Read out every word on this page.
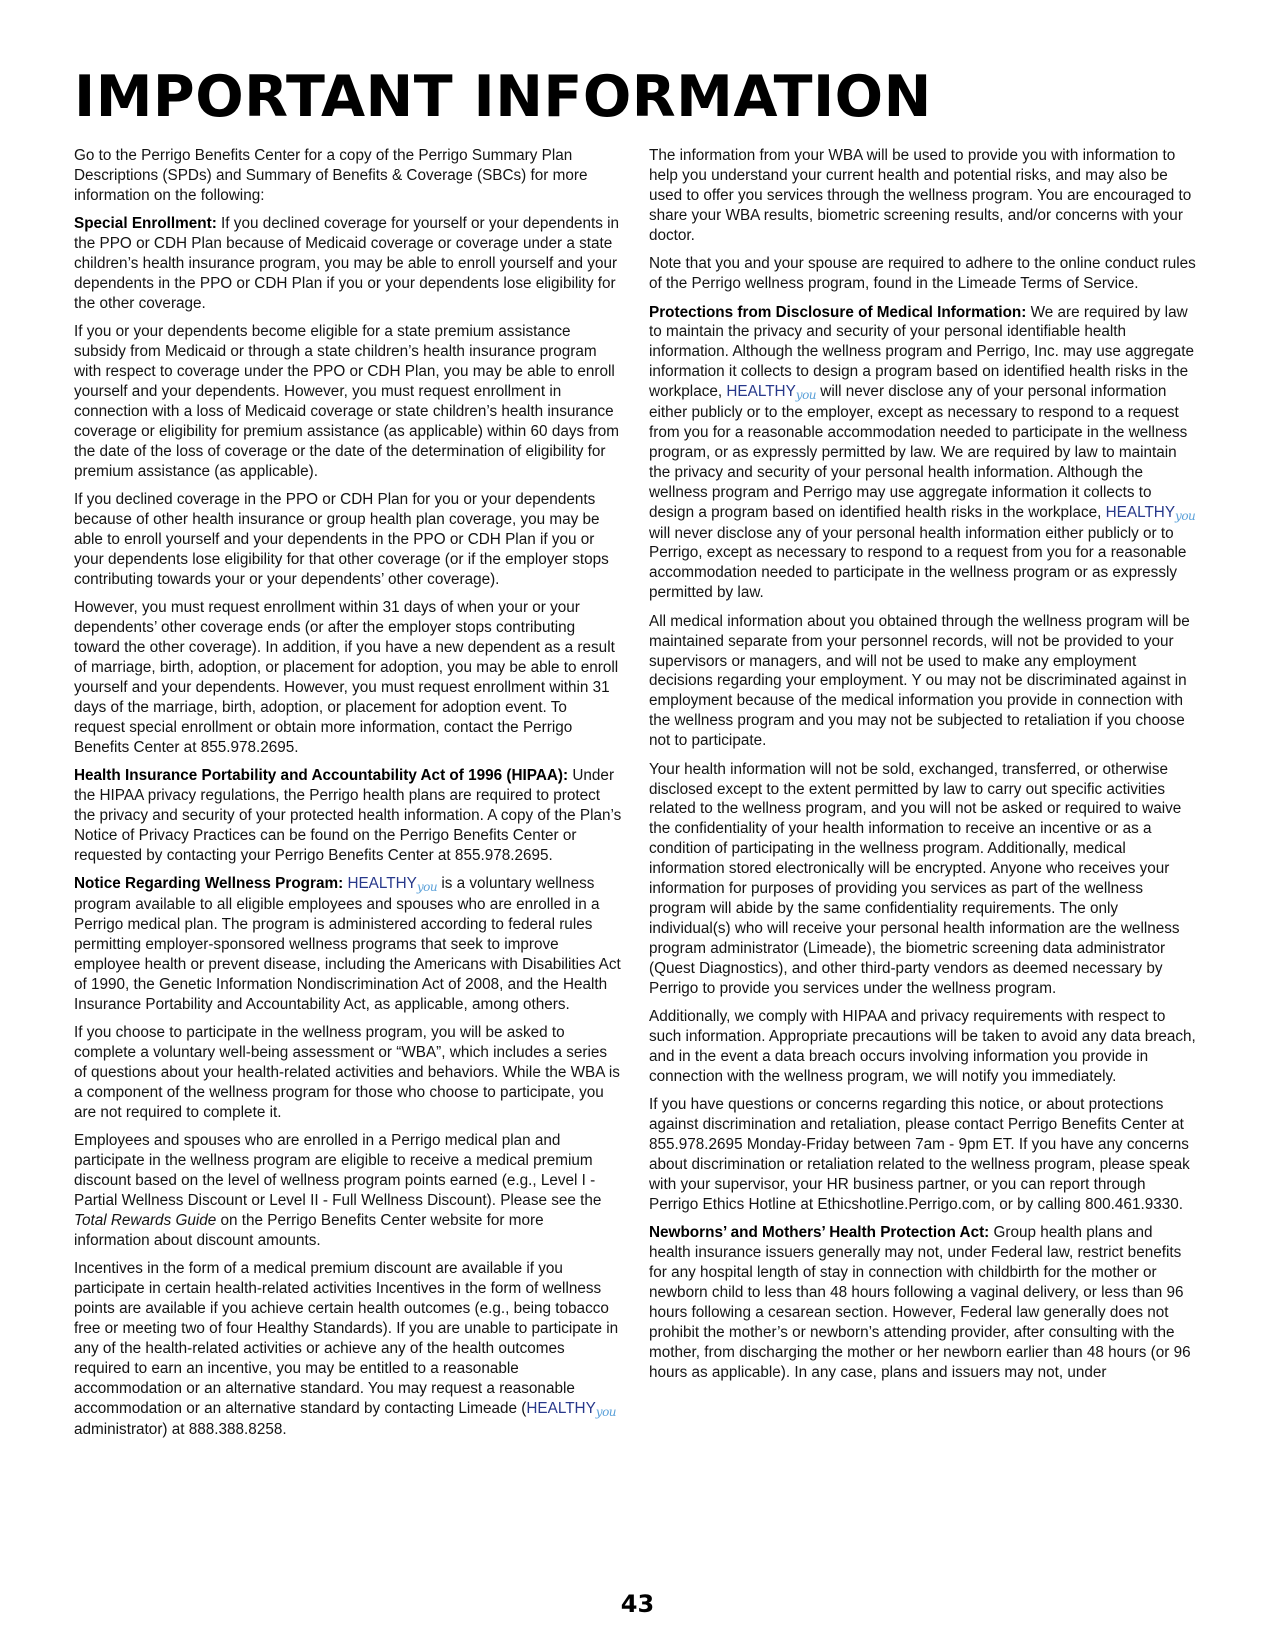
IMPORTANT INFORMATION

Go to the Perrigo Benefits Center for a copy of the Perrigo Summary Plan Descriptions (SPDs) and Summary of Benefits & Coverage (SBCs) for more information on the following:

Special Enrollment: If you declined coverage for yourself or your dependents in the PPO or CDH Plan because of Medicaid coverage or coverage under a state children’s health insurance program, you may be able to enroll yourself and your dependents in the PPO or CDH Plan if you or your dependents lose eligibility for the other coverage.

If you or your dependents become eligible for a state premium assistance subsidy from Medicaid or through a state children’s health insurance program with respect to coverage under the PPO or CDH Plan, you may be able to enroll yourself and your dependents. However, you must request enrollment in connection with a loss of Medicaid coverage or state children’s health insurance coverage or eligibility for premium assistance (as applicable) within 60 days from the date of the loss of coverage or the date of the determination of eligibility for premium assistance (as applicable).

If you declined coverage in the PPO or CDH Plan for you or your dependents because of other health insurance or group health plan coverage, you may be able to enroll yourself and your dependents in the PPO or CDH Plan if you or your dependents lose eligibility for that other coverage (or if the employer stops contributing towards your or your dependents’ other coverage).

However, you must request enrollment within 31 days of when your or your dependents’ other coverage ends (or after the employer stops contributing toward the other coverage). In addition, if you have a new dependent as a result of marriage, birth, adoption, or placement for adoption, you may be able to enroll yourself and your dependents. However, you must request enrollment within 31 days of the marriage, birth, adoption, or placement for adoption event. To request special enrollment or obtain more information, contact the Perrigo Benefits Center at 855.978.2695.

Health Insurance Portability and Accountability Act of 1996 (HIPAA): Under the HIPAA privacy regulations, the Perrigo health plans are required to protect the privacy and security of your protected health information. A copy of the Plan’s Notice of Privacy Practices can be found on the Perrigo Benefits Center or requested by contacting your Perrigo Benefits Center at 855.978.2695.

Notice Regarding Wellness Program: HEALTHYyou is a voluntary wellness program available to all eligible employees and spouses who are enrolled in a Perrigo medical plan. The program is administered according to federal rules permitting employer-sponsored wellness programs that seek to improve employee health or prevent disease, including the Americans with Disabilities Act of 1990, the Genetic Information Nondiscrimination Act of 2008, and the Health Insurance Portability and Accountability Act, as applicable, among others.

If you choose to participate in the wellness program, you will be asked to complete a voluntary well-being assessment or “WBA”, which includes a series of questions about your health-related activities and behaviors. While the WBA is a component of the wellness program for those who choose to participate, you are not required to complete it.

Employees and spouses who are enrolled in a Perrigo medical plan and participate in the wellness program are eligible to receive a medical premium discount based on the level of wellness program points earned (e.g., Level I - Partial Wellness Discount or Level II - Full Wellness Discount). Please see the Total Rewards Guide on the Perrigo Benefits Center website for more information about discount amounts.

Incentives in the form of a medical premium discount are available if you participate in certain health-related activities Incentives in the form of wellness points are available if you achieve certain health outcomes (e.g., being tobacco free or meeting two of four Healthy Standards). If you are unable to participate in any of the health-related activities or achieve any of the health outcomes required to earn an incentive, you may be entitled to a reasonable accommodation or an alternative standard. You may request a reasonable accommodation or an alternative standard by contacting Limeade (HEALTHYyou administrator) at 888.388.8258.

The information from your WBA will be used to provide you with information to help you understand your current health and potential risks, and may also be used to offer you services through the wellness program. You are encouraged to share your WBA results, biometric screening results, and/or concerns with your doctor.

Note that you and your spouse are required to adhere to the online conduct rules of the Perrigo wellness program, found in the Limeade Terms of Service.

Protections from Disclosure of Medical Information: We are required by law to maintain the privacy and security of your personal identifiable health information. Although the wellness program and Perrigo, Inc. may use aggregate information it collects to design a program based on identified health risks in the workplace, HEALTHYyou will never disclose any of your personal information either publicly or to the employer, except as necessary to respond to a request from you for a reasonable accommodation needed to participate in the wellness program, or as expressly permitted by law. We are required by law to maintain the privacy and security of your personal health information. Although the wellness program and Perrigo may use aggregate information it collects to design a program based on identified health risks in the workplace, HEALTHYyou will never disclose any of your personal health information either publicly or to Perrigo, except as necessary to respond to a request from you for a reasonable accommodation needed to participate in the wellness program or as expressly permitted by law.

All medical information about you obtained through the wellness program will be maintained separate from your personnel records, will not be provided to your supervisors or managers, and will not be used to make any employment decisions regarding your employment. Y ou may not be discriminated against in employment because of the medical information you provide in connection with the wellness program and you may not be subjected to retaliation if you choose not to participate.

Your health information will not be sold, exchanged, transferred, or otherwise disclosed except to the extent permitted by law to carry out specific activities related to the wellness program, and you will not be asked or required to waive the confidentiality of your health information to receive an incentive or as a condition of participating in the wellness program. Additionally, medical information stored electronically will be encrypted. Anyone who receives your information for purposes of providing you services as part of the wellness program will abide by the same confidentiality requirements. The only individual(s) who will receive your personal health information are the wellness program administrator (Limeade), the biometric screening data administrator (Quest Diagnostics), and other third-party vendors as deemed necessary by Perrigo to provide you services under the wellness program.

Additionally, we comply with HIPAA and privacy requirements with respect to such information. Appropriate precautions will be taken to avoid any data breach, and in the event a data breach occurs involving information you provide in connection with the wellness program, we will notify you immediately.

If you have questions or concerns regarding this notice, or about protections against discrimination and retaliation, please contact Perrigo Benefits Center at 855.978.2695 Monday-Friday between 7am - 9pm ET. If you have any concerns about discrimination or retaliation related to the wellness program, please speak with your supervisor, your HR business partner, or you can report through Perrigo Ethics Hotline at Ethicshotline.Perrigo.com, or by calling 800.461.9330.

Newborns’ and Mothers’ Health Protection Act: Group health plans and health insurance issuers generally may not, under Federal law, restrict benefits for any hospital length of stay in connection with childbirth for the mother or newborn child to less than 48 hours following a vaginal delivery, or less than 96 hours following a cesarean section. However, Federal law generally does not prohibit the mother’s or newborn’s attending provider, after consulting with the mother, from discharging the mother or her newborn earlier than 48 hours (or 96 hours as applicable). In any case, plans and issuers may not, under

43
